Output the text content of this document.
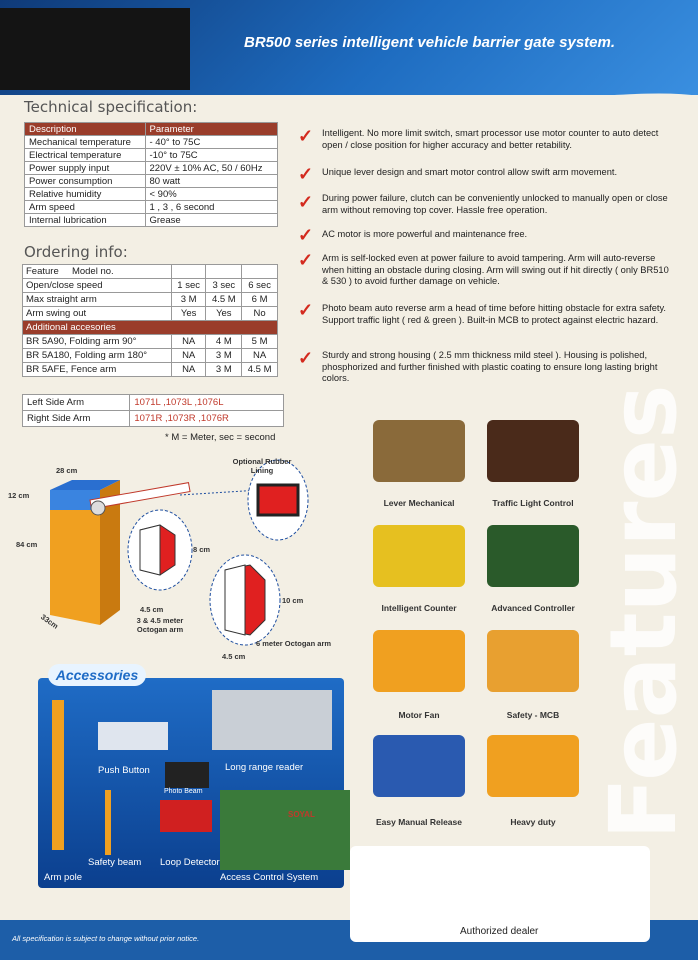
BR500 series intelligent vehicle barrier gate system.
Technical specification:
Description	Parameter
Mechanical temperature	- 40° to 75C
Electrical temperature	-10° to 75C
Power supply input	220V ± 10% AC, 50 / 60Hz
Power consumption	80 watt
Relative humidity	< 90%
Arm speed	1 , 3 , 6 second
Internal lubrication	Grease
Ordering info:
Feature Model no.			
Open/close speed	1 sec	3 sec	6 sec
Max straight arm	3 M	4.5 M	6 M
Arm swing out	Yes	Yes	No
Additional accesories			
BR 5A90, Folding arm 90°	NA	4 M	5 M
BR 5A180, Folding arm 180°	NA	3 M	NA
BR 5AFE, Fence arm	NA	3 M	4.5 M
Left Side Arm	1071L ,1073L ,1076L
Right Side Arm	1071R ,1073R ,1076R
* M = Meter, sec = second
✓ Intelligent. No more limit switch, smart processor use motor counter to auto detect open / close position for higher accuracy and better retability.
✓ Unique lever design and smart motor control allow swift arm movement.
✓ During power failure, clutch can be conveniently unlocked to manually open or close arm without removing top cover. Hassle free operation.
✓ AC motor is more powerful and maintenance free.
✓ Arm is self-locked even at power failure to avoid tampering. Arm will auto-reverse when hitting an obstacle during closing. Arm will swing out if hit directly ( only BR510 & 530 ) to avoid further damage on vehicle.
✓ Photo beam auto reverse arm a head of time before hitting obstacle for extra safety. Support traffic light ( red & green ). Built-in MCB to protect against electric hazard.
✓ Sturdy and strong housing ( 2.5 mm thickness mild steel ). Housing is polished, phosphorized and further finished with plastic coating to ensure long lasting bright colors.
28 cm
12 cm
84 cm
33cm
Optional Rubber Lining
8 cm
4.5 cm
3 & 4.5 meter Octogan arm
10 cm
4.5 cm
6 meter Octogan arm
Lever Mechanical	Traffic Light Control
Intelligent Counter	Advanced Controller
Motor Fan	Safety - MCB
Easy Manual Release	Heavy duty Features
Accessories
Push Button	Long range reader
Photo Beam
SOYAL
Safety beam Loop Detector
Arm pole	Access Control System
Authorized dealer
All specification is subject to change without prior notice.
